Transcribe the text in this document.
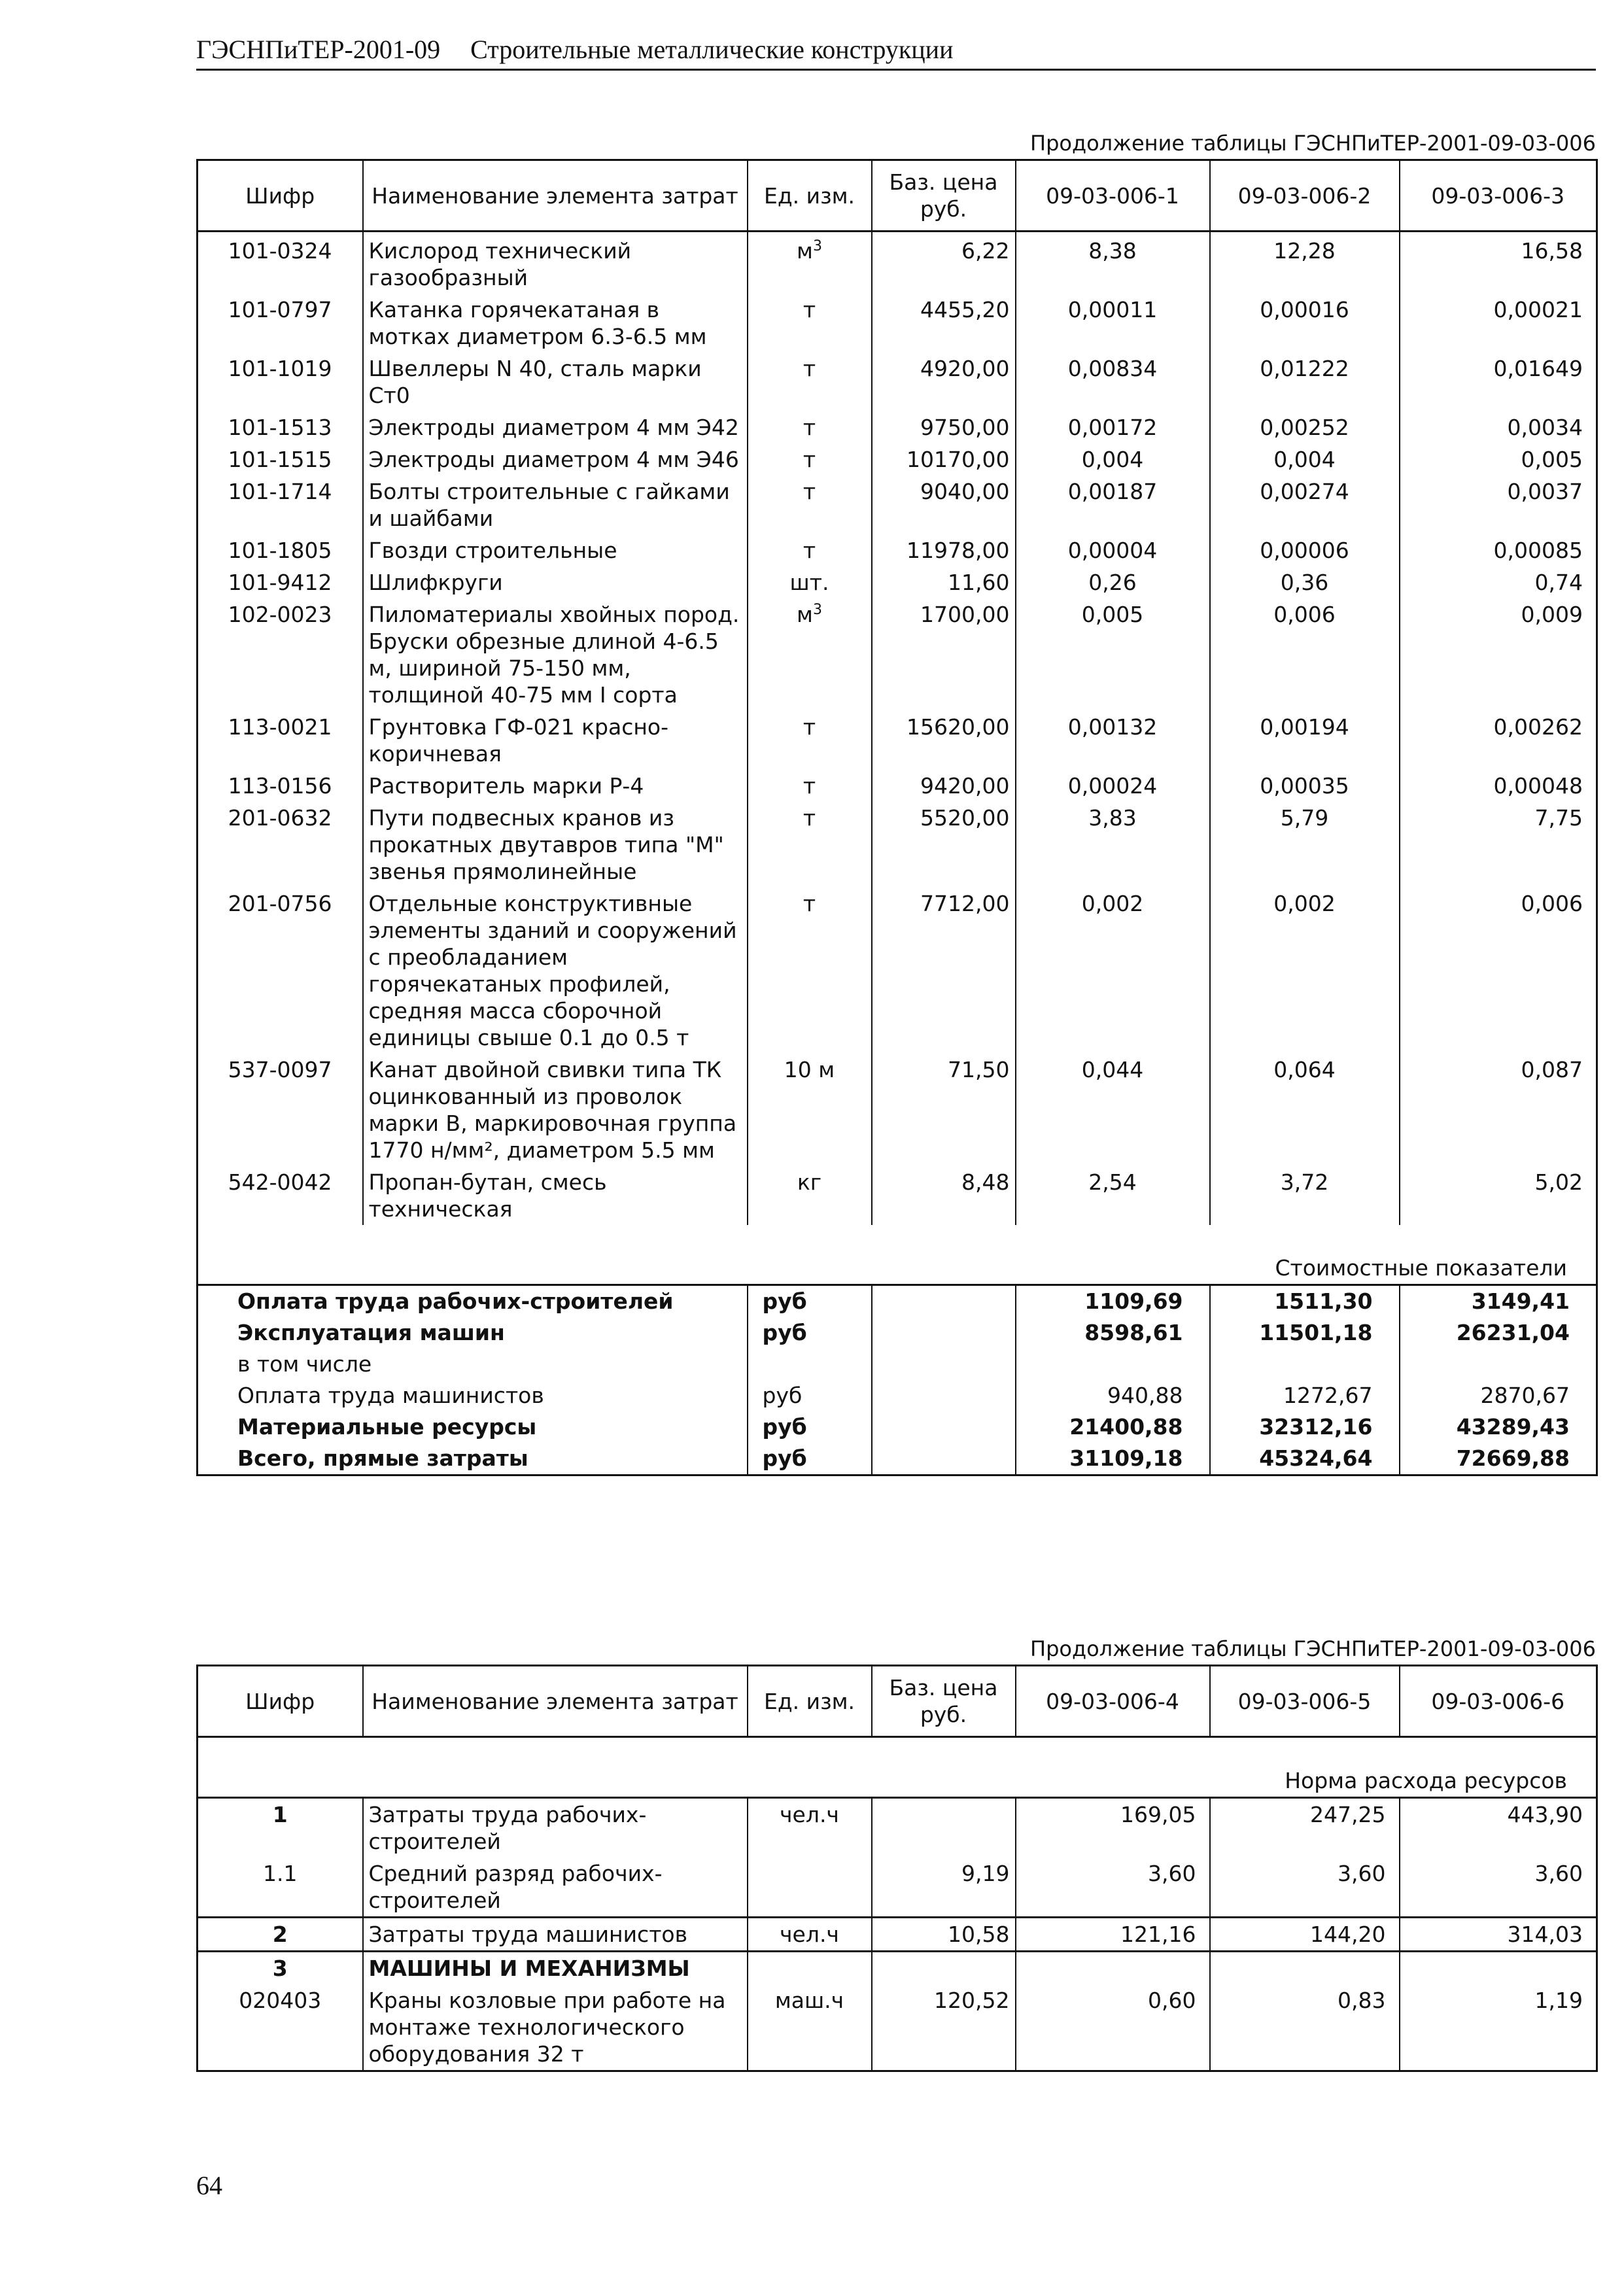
ГЭСНПиТЕР-2001-09 Строительные металлические конструкции
Продолжение таблицы ГЭСНПиТЕР-2001-09-03-006
Шифр	Наименование элемента затрат	Ед. изм.	Баз. цена руб.	09-03-006-1	09-03-006-2	09-03-006-3
101-0324	Кислород технический газообразный	$м^3$	6,22	8,38	12,28	16,58
101-0797	Катанка горячекатаная в мотках диаметром 6.3-6.5 мм	т	4455,20	0,00011	0,00016	0,00021
101-1019	Швеллеры N 40, сталь марки Ст0	т	4920,00	0,00834	0,01222	0,01649
101-1513	Электроды диаметром 4 мм Э42	т	9750,00	0,00172	0,00252	0,0034
101-1515	Электроды диаметром 4 мм Э46	т	10170,00	0,004	0,004	0,005
101-1714	Болты строительные с гайками и шайбами	т	9040,00	0,00187	0,00274	0,0037
101-1805	Гвозди строительные	т	11978,00	0,00004	0,00006	0,00085
101-9412	Шлифкруги	шт.	11,60	0,26	0,36	0,74
102-0023	Пиломатериалы хвойных пород. Бруски обрезные длиной 4-6.5 м, шириной 75-150 мм, толщиной 40-75 мм I сорта	$м^3$	1700,00	0,005	0,006	0,009
113-0021	Грунтовка ГФ-021 красно-коричневая	т	15620,00	0,00132	0,00194	0,00262
113-0156	Растворитель марки Р-4	т	9420,00	0,00024	0,00035	0,00048
201-0632	Пути подвесных кранов из прокатных двутавров типа "М" звенья прямолинейные	т	5520,00	3,83	5,79	7,75
201-0756	Отдельные конструктивные элементы зданий и сооружений с преобладанием горячекатаных профилей, средняя масса сборочной единицы свыше 0.1 до 0.5 т	т	7712,00	0,002	0,002	0,006
537-0097	Канат двойной свивки типа ТК оцинкованный из проволок марки В, маркировочная группа 1770 н/мм², диаметром 5.5 мм	10 м	71,50	0,044	0,064	0,087
542-0042	Пропан-бутан, смесь техническая	кг	8,48	2,54	3,72	5,02
Стоимостные показатели						
Оплата труда рабочих-строителей		руб		1109,69	1511,30	3149,41
Эксплуатация машин		руб		8598,61	11501,18	26231,04
в том числе						
Оплата труда машинистов		руб		940,88	1272,67	2870,67
Материальные ресурсы		руб		21400,88	32312,16	43289,43
Всего, прямые затраты		руб		31109,18	45324,64	72669,88
Продолжение таблицы ГЭСНПиТЕР-2001-09-03-006
Шифр	Наименование элемента затрат	Ед. изм.	Баз. цена руб.	09-03-006-4	09-03-006-5	09-03-006-6
Норма расхода ресурсов						
1	Затраты труда рабочих-строителей	чел.ч		169,05	247,25	443,90
1.1	Средний разряд рабочих-строителей		9,19	3,60	3,60	3,60
2	Затраты труда машинистов	чел.ч	10,58	121,16	144,20	314,03
3	МАШИНЫ И МЕХАНИЗМЫ					
020403	Краны козловые при работе на монтаже технологического оборудования 32 т	маш.ч	120,52	0,60	0,83	1,19
64
